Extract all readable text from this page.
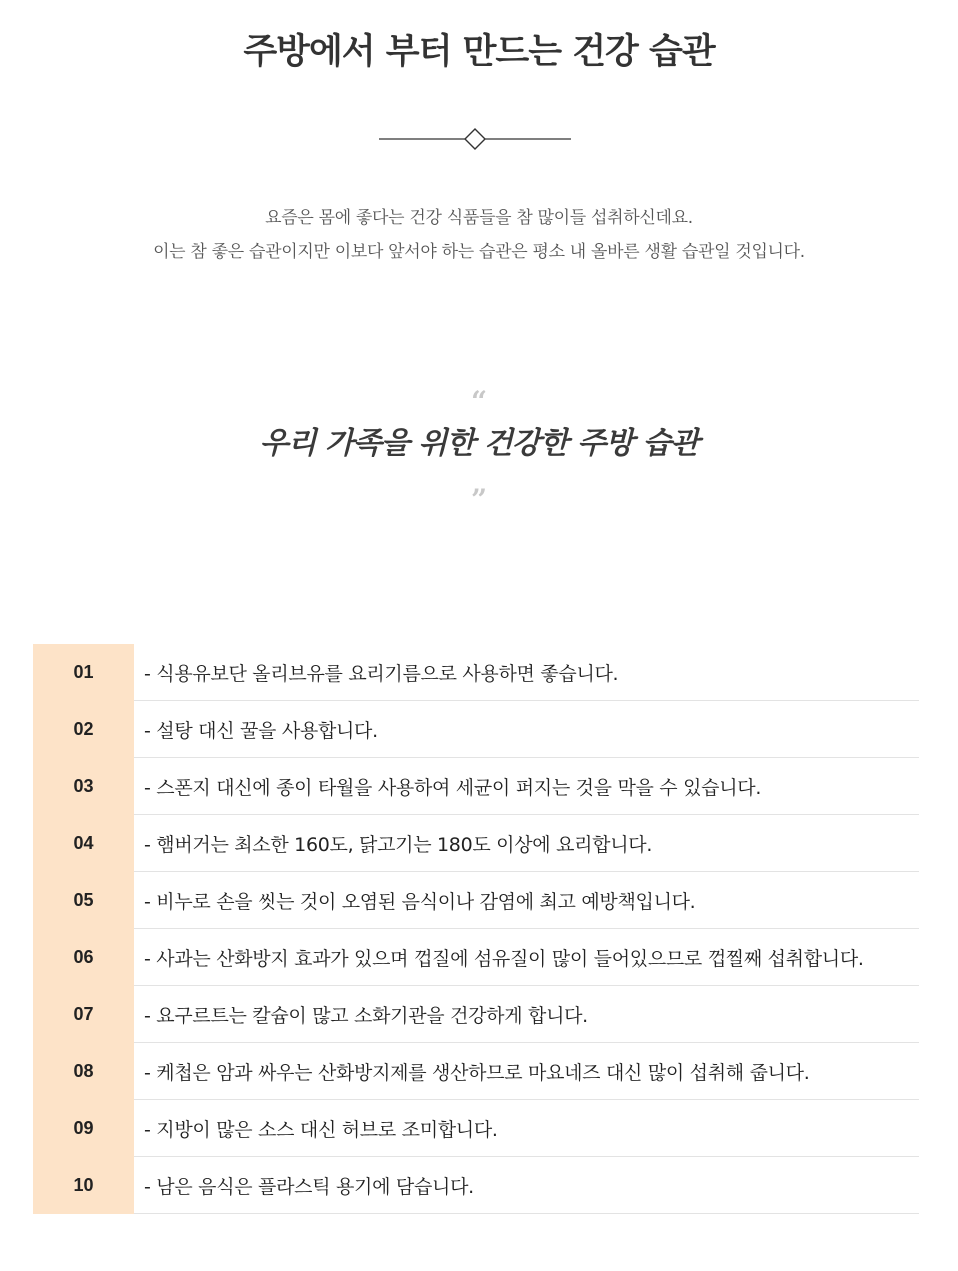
주방에서 부터 만드는 건강 습관

요즘은 몸에 좋다는 건강 식품들을 참 많이들 섭취하신데요.

이는 참 좋은 습관이지만 이보다 앞서야 하는 습관은 평소 내 올바른 생활 습관일 것입니다.

“
우리 가족을 위한 건강한 주방 습관
”
01	- 식용유보단 올리브유를 요리기름으로 사용하면 좋습니다.
02	- 설탕 대신 꿀을 사용합니다.
03	- 스폰지 대신에 종이 타월을 사용하여 세균이 퍼지는 것을 막을 수 있습니다.
04	- 햄버거는 최소한 160도, 닭고기는 180도 이상에 요리합니다.
05	- 비누로 손을 씻는 것이 오염된 음식이나 감염에 최고 예방책입니다.
06	- 사과는 산화방지 효과가 있으며 껍질에 섬유질이 많이 들어있으므로 껍찔째 섭취합니다.
07	- 요구르트는 칼슘이 많고 소화기관을 건강하게 합니다.
08	- 케첩은 암과 싸우는 산화방지제를 생산하므로 마요네즈 대신 많이 섭취해 줍니다.
09	- 지방이 많은 소스 대신 허브로 조미합니다.
10	- 남은 음식은 플라스틱 용기에 담습니다.
